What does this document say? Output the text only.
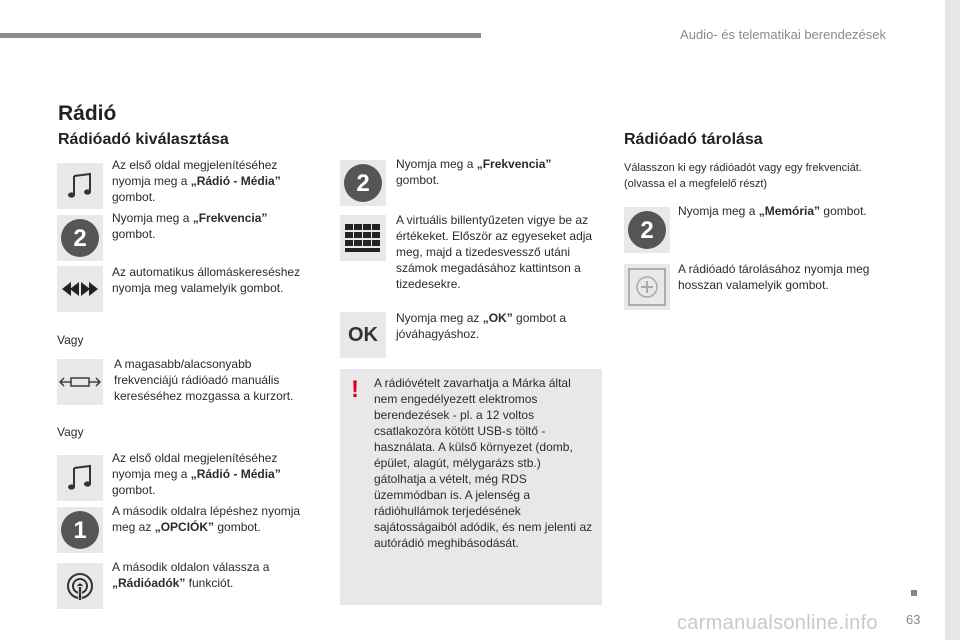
Audio- és telematikai berendezések
Rádió
Rádióadó kiválasztása	Rádióadó tárolása
Az első oldal megjelenítéséhez nyomja meg a „Rádió - Média” gombot.
2
Nyomja meg a „Frekvencia” gombot.
Az automatikus állomáskereséshez nyomja meg valamelyik gombot.
Vagy
A magasabb/alacsonyabb frekvenciájú rádióadó manuális kereséséhez mozgassa a kurzort.
Vagy
Az első oldal megjelenítéséhez nyomja meg a „Rádió - Média” gombot.
1
A második oldalra lépéshez nyomja meg az „OPCIÓK” gombot.
A második oldalon válassza a „Rádióadók” funkciót.
2
Nyomja meg a „Frekvencia” gombot.
A virtuális billentyűzeten vigye be az értékeket. Először az egyeseket adja meg, majd a tizedesvessző utáni számok megadásához kattintson a tizedesekre.
OK
Nyomja meg az „OK” gombot a jóváhagyáshoz.
! A rádióvételt zavarhatja a Márka által nem engedélyezett elektromos berendezések - pl. a 12 voltos csatlakozóra kötött USB-s töltő -használata. A külső környezet (domb, épület, alagút, mélygarázs stb.) gátolhatja a vételt, még RDS üzemmódban is. A jelenség a rádióhullámok terjedésének sajátosságaiból adódik, és nem jelenti az autórádió meghibásodását.
Válasszon ki egy rádióadót vagy egy frekvenciát. (olvassa el a megfelelő részt)
2
Nyomja meg a „Memória” gombot.
A rádióadó tárolásához nyomja meg hosszan valamelyik gombot.
carmanualsonline.info 63
